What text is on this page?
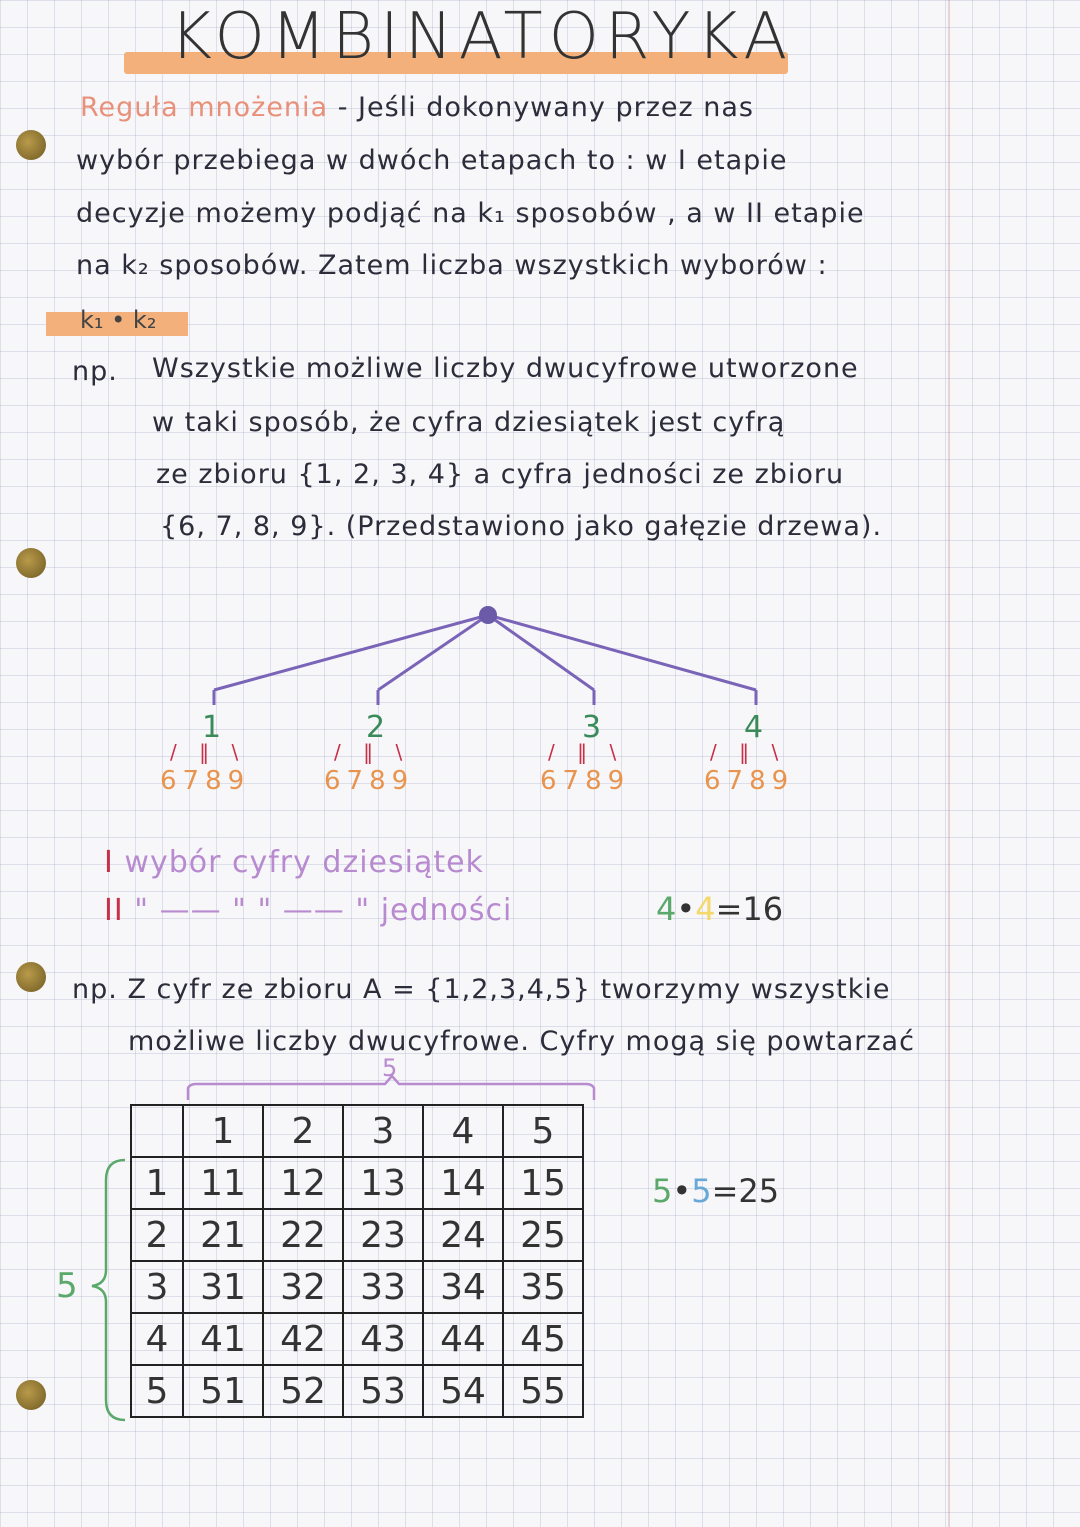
KOMBINATORYKA
Reguła mnożenia - Jeśli dokonywany przez nas
wybór przebiega w dwóch etapach to : w I etapie
decyzje możemy podjąć na k₁ sposobów , a w II etapie
na k₂ sposobów. Zatem liczba wszystkich wyborów :
k₁ • k₂
np. Wszystkie możliwe liczby dwucyfrowe utworzone
w taki sposób, że cyfra dziesiątek jest cyfrą
ze zbioru {1, 2, 3, 4} a cyfra jedności ze zbioru
{6, 7, 8, 9}. (Przedstawiono jako gałęzie drzewa).
1	2	3	4
/ ‖ \	/ ‖ \	/ ‖ \	/ ‖ \
6789	6789	6789	6789
I wybór cyfry dziesiątek
II " —— " " —— " jedności	4•4=16
np. Z cyfr ze zbioru A = {1,2,3,4,5} tworzymy wszystkie
możliwe liczby dwucyfrowe. Cyfry mogą się powtarzać
5
5
	1	2	3	4	5
1	11	12	13	14	15
2	21	22	23	24	25
3	31	32	33	34	35
4	41	42	43	44	45
5	51	52	53	54	55
5•5=25
